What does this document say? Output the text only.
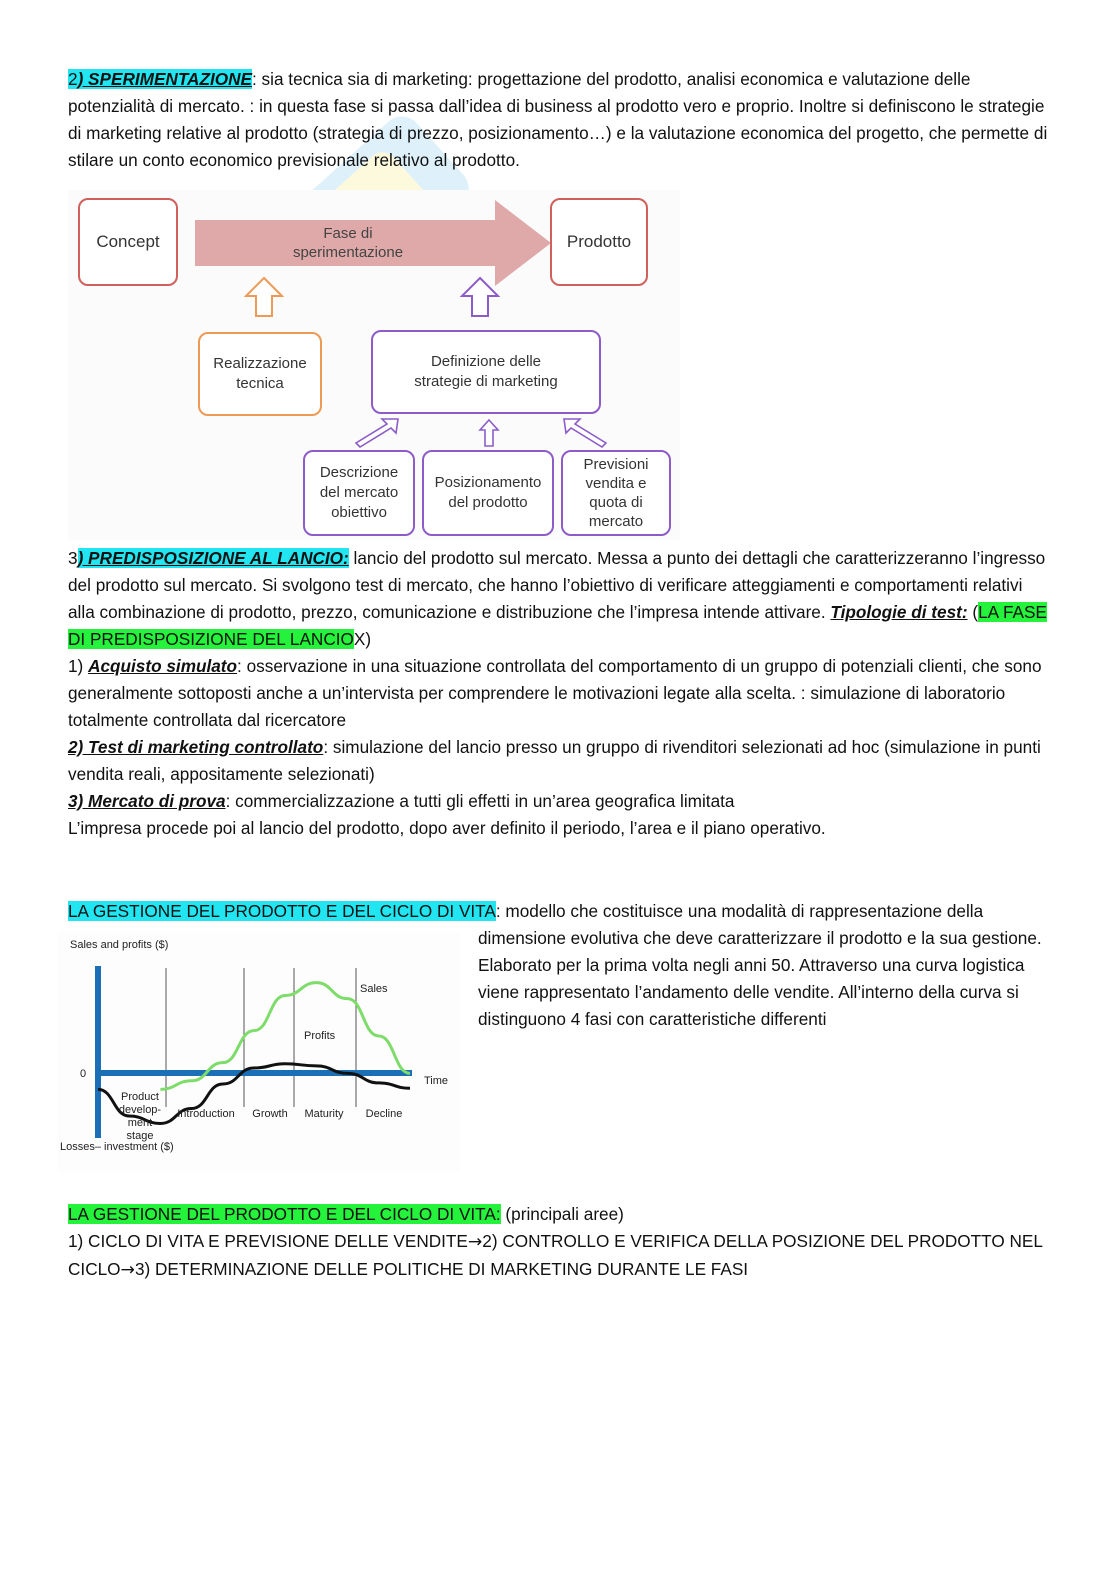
2) SPERIMENTAZIONE: sia tecnica sia di marketing: progettazione del prodotto, analisi economica e valutazione delle potenzialità di mercato. : in questa fase si passa dall’idea di business al prodotto vero e proprio. Inoltre si definiscono le strategie di marketing relative al prodotto (strategia di prezzo, posizionamento…) e la valutazione economica del progetto, che permette di stilare un conto economico previsionale relativo al prodotto.
Concept	Fase di
sperimentazione
Prodotto
Realizzazione
tecnica
Definizione delle
strategie di marketing
Descrizione
del mercato
obiettivo
Posizionamento
del prodotto
Previsioni
vendita e
quota di
mercato
3) PREDISPOSIZIONE AL LANCIO: lancio del prodotto sul mercato. Messa a punto dei dettagli che caratterizzeranno l’ingresso del prodotto sul mercato. Si svolgono test di mercato, che hanno l’obiettivo di verificare atteggiamenti e comportamenti relativi alla combinazione di prodotto, prezzo, comunicazione e distribuzione che l’impresa intende attivare. Tipologie di test: (LA FASE DI PREDISPOSIZIONE DEL LANCIOX)
1) Acquisto simulato: osservazione in una situazione controllata del comportamento di un gruppo di potenziali clienti, che sono generalmente sottoposti anche a un’intervista per comprendere le motivazioni legate alla scelta. : simulazione di laboratorio totalmente controllata dal ricercatore
2) Test di marketing controllato: simulazione del lancio presso un gruppo di rivenditori selezionati ad hoc (simulazione in punti vendita reali, appositamente selezionati)
3) Mercato di prova: commercializzazione a tutti gli effetti in un’area geografica limitata
L’impresa procede poi al lancio del prodotto, dopo aver definito il periodo, l’area e il piano operativo.
LA GESTIONE DEL PRODOTTO E DEL CICLO DI VITA: modello che costituisce una modalità di rappresentazione della
dimensione evolutiva che deve caratterizzare il prodotto e la sua gestione. Elaborato per la prima volta negli anni 50. Attraverso una curva logistica viene rappresentato l’andamento delle vendite. All’interno della curva si distinguono 4 fasi con caratteristiche differenti
Sales and profits ($)
0
Time
Losses– investment ($)
Sales
Profits
Product develop-ment stage
Introduction Growth Maturity Decline
LA GESTIONE DEL PRODOTTO E DEL CICLO DI VITA: (principali aree)
1) CICLO DI VITA E PREVISIONE DELLE VENDITE→2) CONTROLLO E VERIFICA DELLA POSIZIONE DEL PRODOTTO NEL
CICLO→3) DETERMINAZIONE DELLE POLITICHE DI MARKETING DURANTE LE FASI
